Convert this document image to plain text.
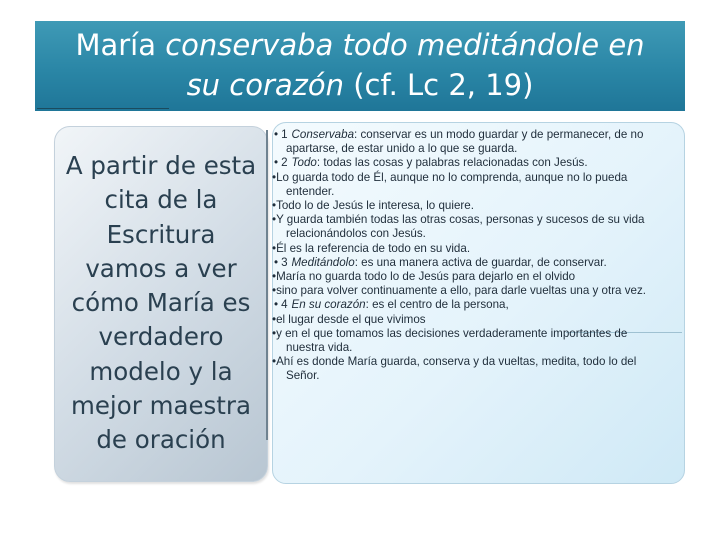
María conservaba todo meditándole en
su corazón (cf. Lc 2, 19)
A partir de esta cita de la Escritura vamos a ver cómo María es verdadero modelo y la mejor maestra de oración
•1 Conservaba: conservar es un modo guardar y de permanecer, de no apartarse, de estar unido a lo que se guarda.
•2 Todo: todas las cosas y palabras relacionadas con Jesús.
•Lo guarda todo de Él, aunque no lo comprenda, aunque no lo pueda entender.
•Todo lo de Jesús le interesa, lo quiere.
•Y guarda también todas las otras cosas, personas y sucesos de su vida relacionándolos con Jesús.
•Él es la referencia de todo en su vida.
•3 Meditándolo: es una manera activa de guardar, de conservar.
•María no guarda todo lo de Jesús para dejarlo en el olvido
•sino para volver continuamente a ello, para darle vueltas una y otra vez.
•4 En su corazón: es el centro de la persona,
•el lugar desde el que vivimos
•y en el que tomamos las decisiones verdaderamente importantes de nuestra vida.
•Ahí es donde María guarda, conserva y da vueltas, medita, todo lo del Señor.
